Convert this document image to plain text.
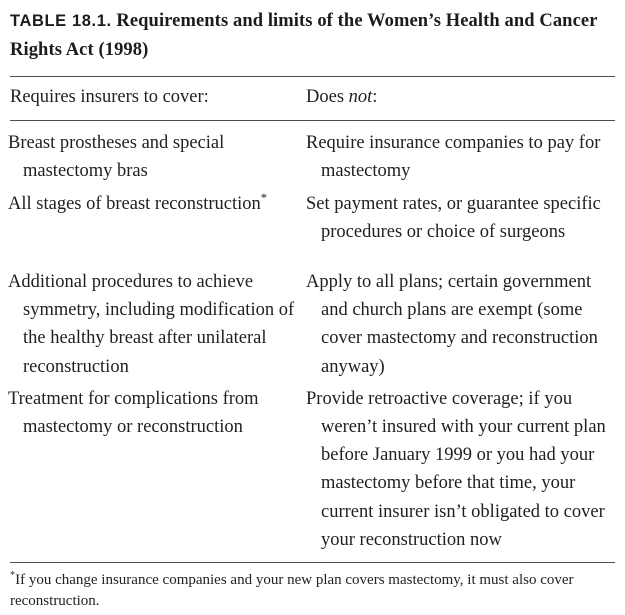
TABLE 18.1. Requirements and limits of the Women’s Health and Cancer Rights Act (1998)
Requires insurers to cover:	Does not:
Breast prostheses and special mastectomy bras
Require insurance companies to pay for mastectomy
All stages of breast reconstruction*	Set payment rates, or guarantee specific procedures or choice of surgeons
Additional procedures to achieve symmetry, including modification of the healthy breast after unilateral reconstruction
Apply to all plans; certain government and church plans are exempt (some cover mastectomy and reconstruction anyway)
Treatment for complications from mastectomy or reconstruction
Provide retroactive coverage; if you weren’t insured with your current plan before January 1999 or you had your mastectomy before that time, your current insurer isn’t obligated to cover your reconstruction now
*If you change insurance companies and your new plan covers mastectomy, it must also cover reconstruction.
